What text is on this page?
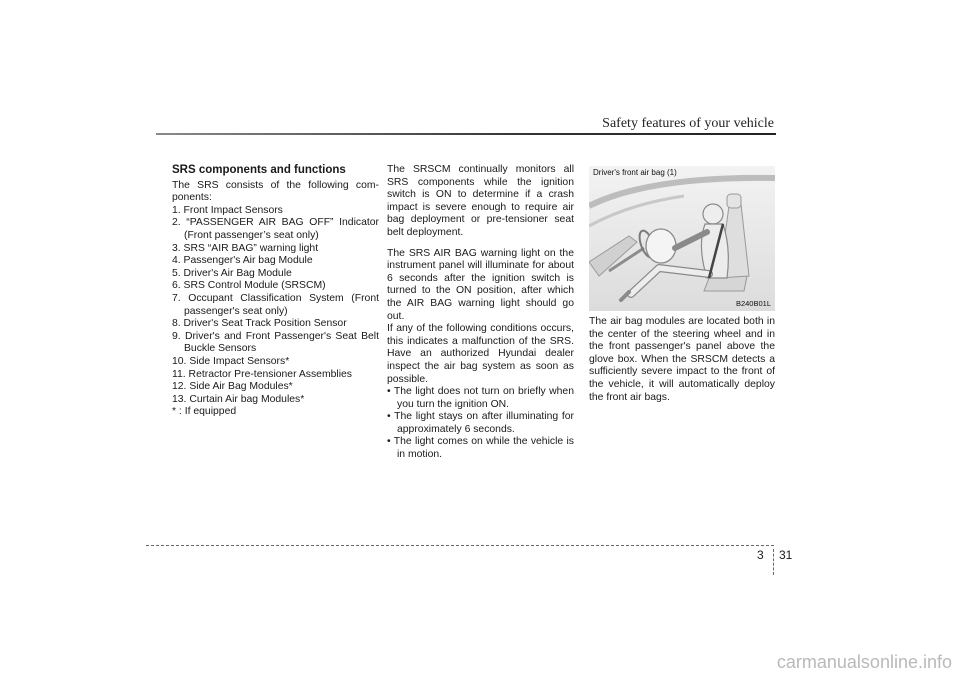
Safety features of your vehicle
SRS components and functions
The SRS consists of the following com-ponents:
1. Front Impact Sensors
2. “PASSENGER AIR BAG OFF” Indicator (Front passenger’s seat only)
3. SRS “AIR BAG” warning light
4. Passenger's Air bag Module
5. Driver's Air Bag Module
6. SRS Control Module (SRSCM)
7. Occupant Classification System (Front passenger's seat only)
8. Driver's Seat Track Position Sensor
9. Driver's and Front Passenger's Seat Belt Buckle Sensors
10. Side Impact Sensors*
11. Retractor Pre-tensioner Assemblies
12. Side Air Bag Modules*
13. Curtain Air bag Modules*
* : If equipped
The SRSCM continually monitors all SRS components while the ignition switch is ON to determine if a crash impact is severe enough to require air bag deployment or pre-tensioner seat belt deployment.
The SRS AIR BAG warning light on the instrument panel will illuminate for about 6 seconds after the ignition switch is turned to the ON position, after which the AIR BAG warning light should go out.
If any of the following conditions occurs, this indicates a malfunction of the SRS. Have an authorized Hyundai dealer inspect the air bag system as soon as possible.
• The light does not turn on briefly when you turn the ignition ON.
• The light stays on after illuminating for approximately 6 seconds.
• The light comes on while the vehicle is in motion.
Driver's front air bag (1)
B240B01L
The air bag modules are located both in the center of the steering wheel and in the front passenger's panel above the glove box. When the SRSCM detects a sufficiently severe impact to the front of the vehicle, it will automatically deploy the front air bags.
3 31
carmanualsonline.info
